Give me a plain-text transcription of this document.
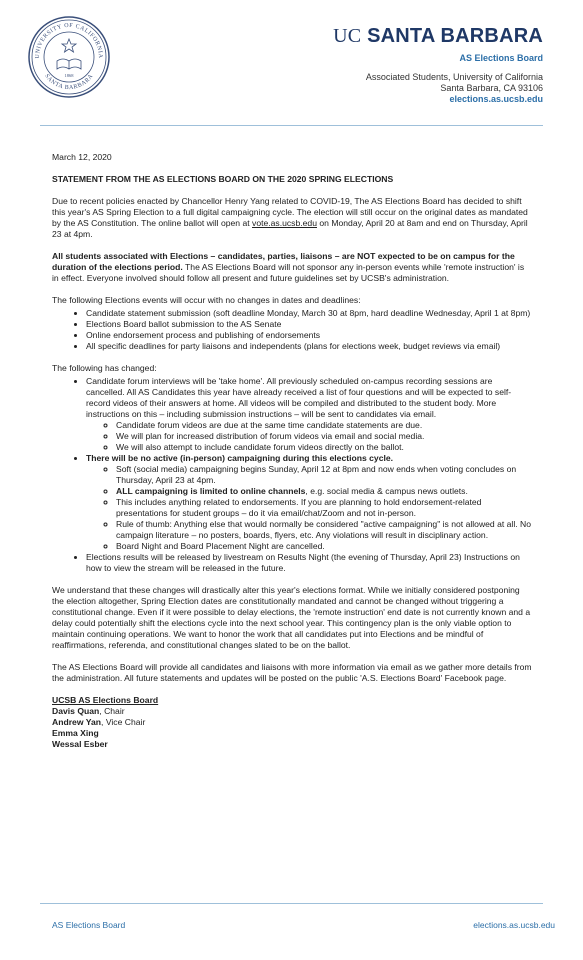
UNIVERSITY OF CALIFORNIA
SANTA BARBARA
1868
UC SANTA BARBARA
AS Elections Board
Associated Students, University of California
Santa Barbara, CA 93106
elections.as.ucsb.edu

March 12, 2020

STATEMENT FROM THE AS ELECTIONS BOARD ON THE 2020 SPRING ELECTIONS

Due to recent policies enacted by Chancellor Henry Yang related to COVID-19, The AS Elections Board has decided to shift this year's AS Spring Election to a full digital campaigning cycle. The election will still occur on the original dates as mandated by the AS Constitution. The online ballot will open at vote.as.ucsb.edu on Monday, April 20 at 8am and end on Thursday, April 23 at 4pm.

All students associated with Elections – candidates, parties, liaisons – are NOT expected to be on campus for the duration of the elections period. The AS Elections Board will not sponsor any in-person events while 'remote instruction' is in effect. Everyone involved should follow all present and future guidelines set by UCSB's administration.

The following Elections events will occur with no changes in dates and deadlines:

• Candidate statement submission (soft deadline Monday, March 30 at 8pm, hard deadline Wednesday, April 1 at 8pm)
• Elections Board ballot submission to the AS Senate
• Online endorsement process and publishing of endorsements
• All specific deadlines for party liaisons and independents (plans for elections week, budget reviews via email)

The following has changed:

• Candidate forum interviews will be 'take home'. All previously scheduled on-campus recording sessions are cancelled. All AS Candidates this year have already received a list of four questions and will be expected to self-record videos of their answers at home. All videos will be compiled and distributed to the student body. More instructions on this – including submission instructions – will be sent to candidates via email.
◦ Candidate forum videos are due at the same time candidate statements are due.
◦ We will plan for increased distribution of forum videos via email and social media.
◦ We will also attempt to include candidate forum videos directly on the ballot.
• There will be no active (in-person) campaigning during this elections cycle.
◦ Soft (social media) campaigning begins Sunday, April 12 at 8pm and now ends when voting concludes on Thursday, April 23 at 4pm.
◦ ALL campaigning is limited to online channels, e.g. social media & campus news outlets.
◦ This includes anything related to endorsements. If you are planning to hold endorsement-related presentations for student groups – do it via email/chat/Zoom and not in-person.
◦ Rule of thumb: Anything else that would normally be considered "active campaigning" is not allowed at all. No campaign literature – no posters, boards, flyers, etc. Any violations will result in disciplinary action.
◦ Board Night and Board Placement Night are cancelled.
• Elections results will be released by livestream on Results Night (the evening of Thursday, April 23) Instructions on how to view the stream will be released in the future.

We understand that these changes will drastically alter this year's elections format. While we initially considered postponing the election altogether, Spring Election dates are constitutionally mandated and cannot be changed without triggering a constitutional change. Even if it were possible to delay elections, the 'remote instruction' end date is not currently known and a delay could potentially shift the elections cycle into the next school year. This contingency plan is the only viable option to maintain continuing operations. We want to honor the work that all candidates put into Elections and be mindful of reaffirmations, referenda, and constitutional changes slated to be on the ballot.

The AS Elections Board will provide all candidates and liaisons with more information via email as we gather more details from the administration. All future statements and updates will be posted on the public 'A.S. Elections Board' Facebook page.

UCSB AS Elections Board
Davis Quan, Chair
Andrew Yan, Vice Chair
Emma Xing
Wessal Esber
AS Elections Board	elections.as.ucsb.edu
